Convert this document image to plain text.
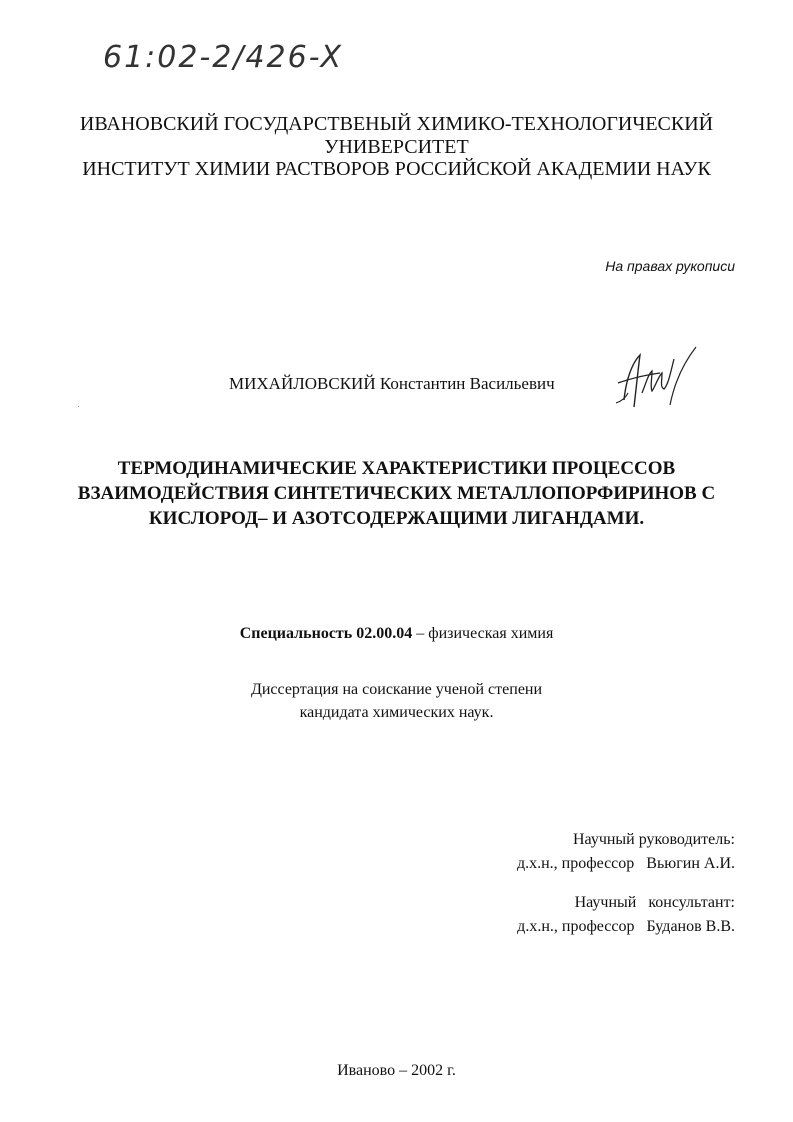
61:02-2/426-X
ИВАНОВСКИЙ ГОСУДАРСТВЕНЫЙ ХИМИКО-ТЕХНОЛОГИЧЕСКИЙ
УНИВЕРСИТЕТ
ИНСТИТУТ ХИМИИ РАСТВОРОВ РОССИЙСКОЙ АКАДЕМИИ НАУК
На правах рукописи
МИХАЙЛОВСКИЙ Константин Васильевич
ТЕРМОДИНАМИЧЕСКИЕ ХАРАКТЕРИСТИКИ ПРОЦЕССОВ
ВЗАИМОДЕЙСТВИЯ СИНТЕТИЧЕСКИХ МЕТАЛЛОПОРФИРИНОВ С
КИСЛОРОД– И АЗОТСОДЕРЖАЩИМИ ЛИГАНДАМИ.
Специальность 02.00.04 – физическая химия
Диссертация на соискание ученой степени
кандидата химических наук.
Научный руководитель:
д.х.н., профессор Вьюгин А.И.
Научный   консультант:
д.х.н., профессор Буданов В.В.
Иваново – 2002 г.
